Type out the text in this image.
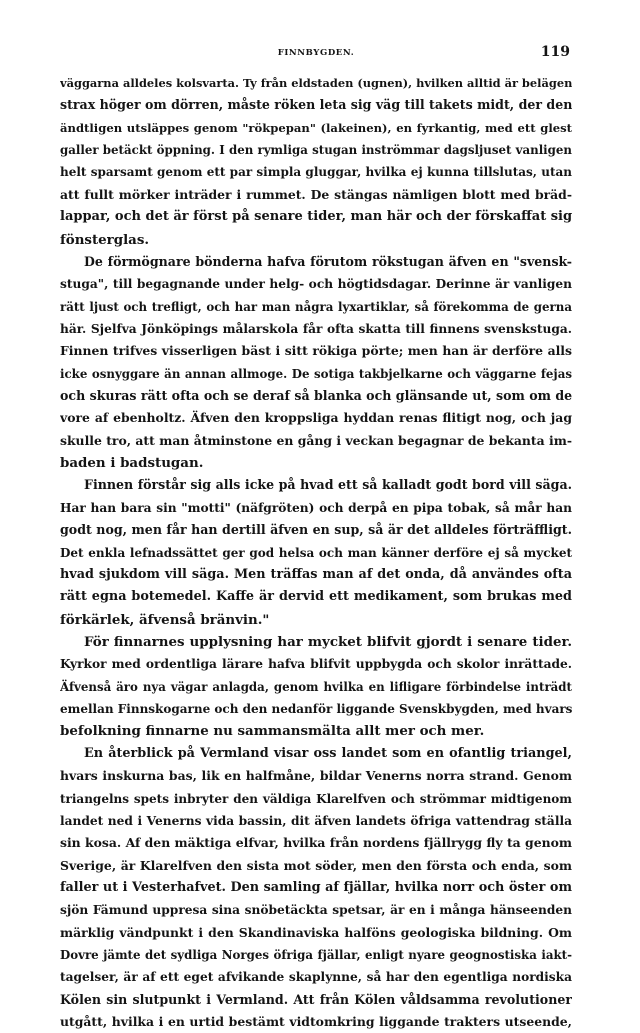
FINNBYGDEN.	119
väggarna alldeles kolsvarta. Ty från eldstaden (ugnen), hvilken alltid är belägen
strax höger om dörren, måste röken leta sig väg till takets midt, der den
ändtligen utsläppes genom "rökpepan" (lakeinen), en fyrkantig, med ett glest
galler betäckt öppning. I den rymliga stugan inströmmar dagsljuset vanligen
helt sparsamt genom ett par simpla gluggar, hvilka ej kunna tillslutas, utan
att fullt mörker inträder i rummet. De stängas nämligen blott med bräd-
lappar, och det är först på senare tider, man här och der förskaffat sig
fönsterglas.
De förmögnare bönderna hafva förutom rökstugan äfven en "svensk-
stuga", till begagnande under helg- och högtidsdagar. Derinne är vanligen
rätt ljust och trefligt, och har man några lyxartiklar, så förekomma de gerna
här. Sjelfva Jönköpings målarskola får ofta skatta till finnens svenskstuga.
Finnen trifves visserligen bäst i sitt rökiga pörte; men han är derföre alls
icke osnyggare än annan allmoge. De sotiga takbjelkarne och väggarne fejas
och skuras rätt ofta och se deraf så blanka och glänsande ut, som om de
vore af ebenholtz. Äfven den kroppsliga hyddan renas flitigt nog, och jag
skulle tro, att man åtminstone en gång i veckan begagnar de bekanta im-
baden i badstugan.
Finnen förstår sig alls icke på hvad ett så kalladt godt bord vill säga.
Har han bara sin "motti" (näfgröten) och derpå en pipa tobak, så mår han
godt nog, men får han dertill äfven en sup, så är det alldeles förträffligt.
Det enkla lefnadssättet ger god helsa och man känner derföre ej så mycket
hvad sjukdom vill säga. Men träffas man af det onda, då användes ofta
rätt egna botemedel. Kaffe är dervid ett medikament, som brukas med
förkärlek, äfvenså bränvin."
För finnarnes upplysning har mycket blifvit gjordt i senare tider.
Kyrkor med ordentliga lärare hafva blifvit uppbygda och skolor inrättade.
Äfvenså äro nya vägar anlagda, genom hvilka en lifligare förbindelse inträdt
emellan Finnskogarne och den nedanför liggande Svenskbygden, med hvars
befolkning finnarne nu sammansmälta allt mer och mer.
En återblick på Vermland visar oss landet som en ofantlig triangel,
hvars inskurna bas, lik en halfmåne, bildar Venerns norra strand. Genom
triangelns spets inbryter den väldiga Klarelfven och strömmar midtigenom
landet ned i Venerns vida bassin, dit äfven landets öfriga vattendrag ställa
sin kosa. Af den mäktiga elfvar, hvilka från nordens fjällrygg fly ta genom
Sverige, är Klarelfven den sista mot söder, men den första och enda, som
faller ut i Vesterhafvet. Den samling af fjällar, hvilka norr och öster om
sjön Fämund uppresa sina snöbetäckta spetsar, är en i många hänseenden
märklig vändpunkt i den Skandinaviska halföns geologiska bildning. Om
Dovre jämte det sydliga Norges öfriga fjällar, enligt nyare geognostiska iakt-
tagelser, är af ett eget afvikande skaplynne, så har den egentliga nordiska
Kölen sin slutpunkt i Vermland. Att från Kölen våldsamma revolutioner
utgått, hvilka i en urtid bestämt vidtomkring liggande trakters utseende,
